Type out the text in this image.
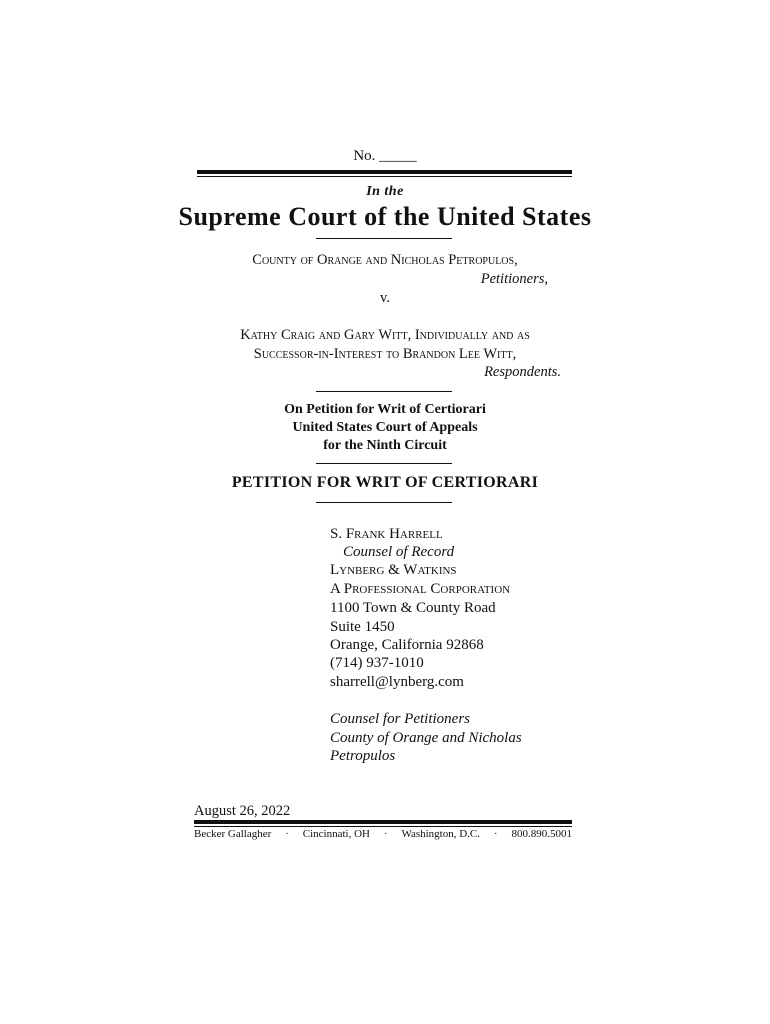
No. _____
In the
Supreme Court of the United States
County of Orange and Nicholas Petropulos,
Petitioners,
v.
Kathy Craig and Gary Witt, Individually and as
Successor-in-Interest to Brandon Lee Witt,
Respondents.
On Petition for Writ of Certiorari
United States Court of Appeals
for the Ninth Circuit
PETITION FOR WRIT OF CERTIORARI
S. Frank Harrell
Counsel of Record
Lynberg & Watkins
A Professional Corporation
1100 Town & County Road
Suite 1450
Orange, California 92868
(714) 937-1010
sharrell@lynberg.com
Counsel for Petitioners
County of Orange and Nicholas
Petropulos
August 26, 2022
Becker Gallagher · Cincinnati, OH · Washington, D.C. · 800.890.5001
